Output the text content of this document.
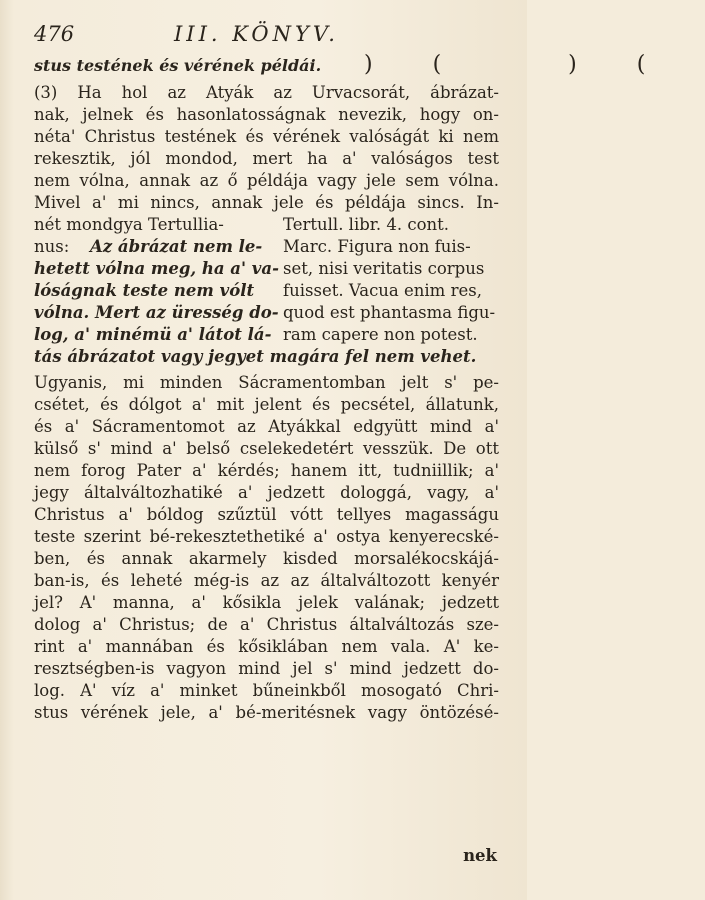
476	III. KÖNYV.
stus testének és vérének példái. )( )(
(3) Ha hol az Atyák az Urvacsorát, ábrázat-
nak, jelnek és hasonlatosságnak nevezik, hogy on-
néta' Christus testének és vérének valóságát ki nem
rekesztik, jól mondod, mert ha a' valóságos test
nem vólna, annak az ő példája vagy jele sem vólna.
Mivel a' mi nincs, annak jele és példája sincs. In-
nét mondgya Tertullia-
nus:	Az ábrázat nem le-
hetett vólna meg, ha a' va-
lóságnak teste nem vólt
vólna. Mert az üresség do-
log, a' minémü a' látot lá-
Tertull. libr. 4. cont.
Marc. Figura non fuis-
set, nisi veritatis corpus
fuisset. Vacua enim res,
quod est phantasma figu-
ram capere non potest.
tás ábrázatot vagy jegyet magára fel nem vehet.
Ugyanis, mi minden Sácramentomban jelt s' pe-
csétet, és dólgot a' mit jelent és pecsétel, állatunk,
és a' Sácramentomot az Atyákkal edgyütt mind a'
külső s' mind a' belső cselekedetért vesszük. De ott
nem forog Pater a' kérdés; hanem itt, tudniillik; a'
jegy általváltozhatiké a' jedzett dologgá, vagy, a'
Christus a' bóldog szűztül vótt tellyes magasságu
teste szerint bé-rekesztethetiké a' ostya kenyerecské-
ben, és annak akarmely kisded morsalékocskájá-
ban-is, és leheté még-is az az általváltozott kenyér
jel? A' manna, a' kősikla jelek valának; jedzett
dolog a' Christus; de a' Christus általváltozás sze-
rint a' mannában és kősiklában nem vala. A' ke-
resztségben-is vagyon mind jel s' mind jedzett do-
log. A' víz a' minket bűneinkből mosogató Chri-
stus vérének jele, a' bé-meritésnek vagy öntözésé-
nek
